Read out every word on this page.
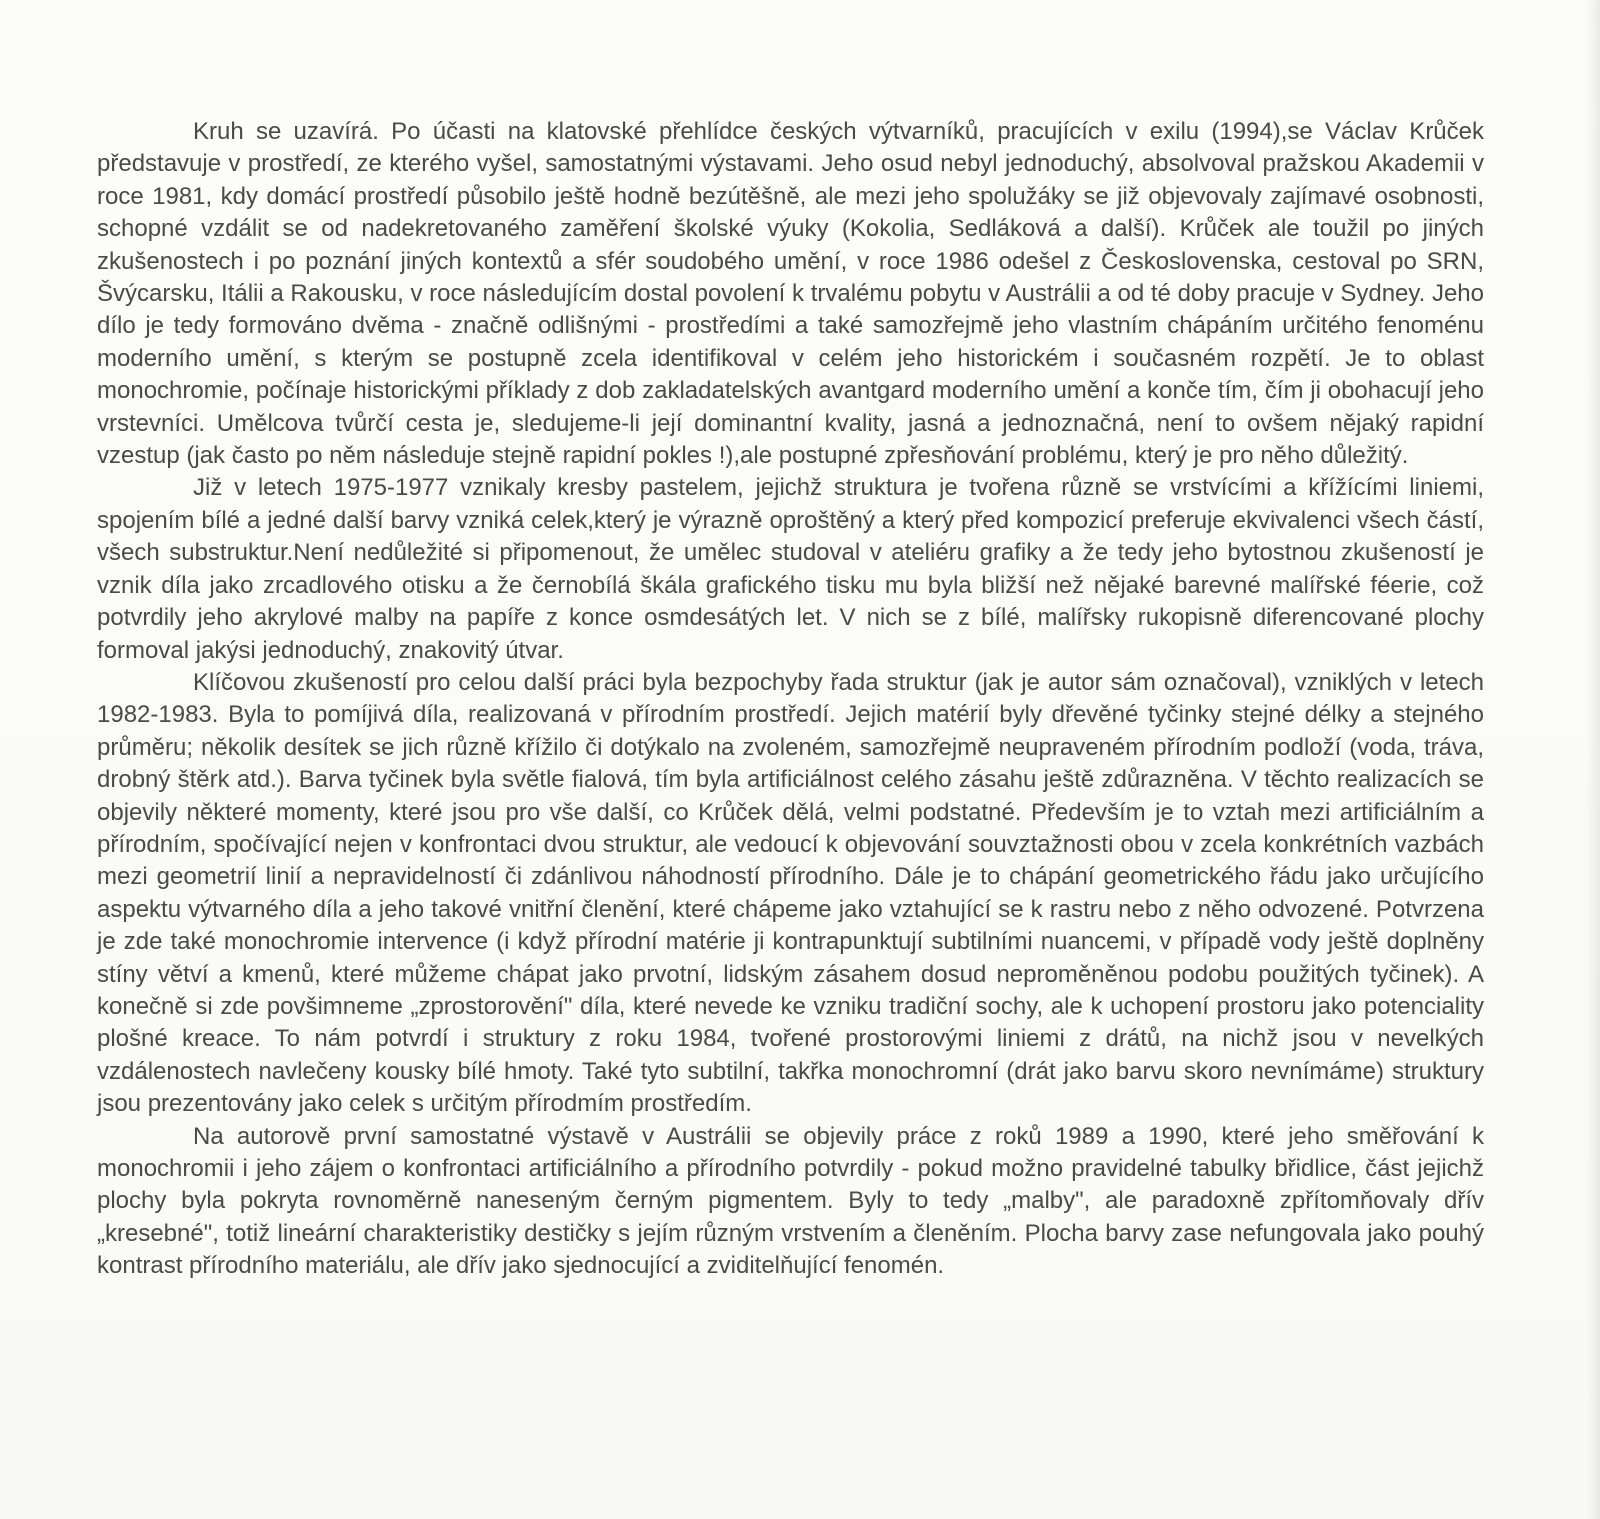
Kruh se uzavírá. Po účasti na klatovské přehlídce českých výtvarníků, pracujících v exilu (1994),se Václav Krůček představuje v prostředí, ze kterého vyšel, samostatnými výstavami. Jeho osud nebyl jednoduchý, absolvoval pražskou Akademii v roce 1981, kdy domácí prostředí působilo ještě hodně bezútěšně, ale mezi jeho spolužáky se již objevovaly zajímavé osobnosti, schopné vzdálit se od nadekretovaného zaměření školské výuky (Kokolia, Sedláková a další). Krůček ale toužil po jiných zkušenostech i po poznání jiných kontextů a sfér soudobého umění, v roce 1986 odešel z Československa, cestoval po SRN, Švýcarsku, Itálii a Rakousku, v roce následujícím dostal povolení k trvalému pobytu v Austrálii a od té doby pracuje v Sydney. Jeho dílo je tedy formováno dvěma - značně odlišnými - prostředími a také samozřejmě jeho vlastním chápáním určitého fenoménu moderního umění, s kterým se postupně zcela identifikoval v celém jeho historickém i současném rozpětí. Je to oblast monochromie, počínaje historickými příklady z dob zakladatelských avantgard moderního umění a konče tím, čím ji obohacují jeho vrstevníci. Umělcova tvůrčí cesta je, sledujeme-li její dominantní kvality, jasná a jednoznačná, není to ovšem nějaký rapidní vzestup (jak často po něm následuje stejně rapidní pokles !),ale postupné zpřesňování problému, který je pro něho důležitý.

Již v letech 1975-1977 vznikaly kresby pastelem, jejichž struktura je tvořena různě se vrstvícími a křížícími liniemi, spojením bílé a jedné další barvy vzniká celek,který je výrazně oproštěný a který před kompozicí preferuje ekvivalenci všech částí, všech substruktur.Není nedůležité si připomenout, že umělec studoval v ateliéru grafiky a že tedy jeho bytostnou zkušeností je vznik díla jako zrcadlového otisku a že černobílá škála grafického tisku mu byla bližší než nějaké barevné malířské féerie, což potvrdily jeho akrylové malby na papíře z konce osmdesátých let. V nich se z bílé, malířsky rukopisně diferencované plochy formoval jakýsi jednoduchý, znakovitý útvar.

Klíčovou zkušeností pro celou další práci byla bezpochyby řada struktur (jak je autor sám označoval), vzniklých v letech 1982-1983. Byla to pomíjivá díla, realizovaná v přírodním prostředí. Jejich matérií byly dřevěné tyčinky stejné délky a stejného průměru; několik desítek se jich různě křížilo či dotýkalo na zvoleném, samozřejmě neupraveném přírodním podloží (voda, tráva, drobný štěrk atd.). Barva tyčinek byla světle fialová, tím byla artificiálnost celého zásahu ještě zdůrazněna. V těchto realizacích se objevily některé momenty, které jsou pro vše další, co Krůček dělá, velmi podstatné. Především je to vztah mezi artificiálním a přírodním, spočívající nejen v konfrontaci dvou struktur, ale vedoucí k objevování souvztažnosti obou v zcela konkrétních vazbách mezi geometrií linií a nepravidelností či zdánlivou náhodností přírodního. Dále je to chápání geometrického řádu jako určujícího aspektu výtvarného díla a jeho takové vnitřní členění, které chápeme jako vztahující se k rastru nebo z něho odvozené. Potvrzena je zde také monochromie intervence (i když přírodní matérie ji kontrapunktují subtilními nuancemi, v případě vody ještě doplněny stíny větví a kmenů, které můžeme chápat jako prvotní, lidským zásahem dosud neproměněnou podobu použitých tyčinek). A konečně si zde povšimneme „zprostorovění" díla, které nevede ke vzniku tradiční sochy, ale k uchopení prostoru jako potenciality plošné kreace. To nám potvrdí i struktury z roku 1984, tvořené prostorovými liniemi z drátů, na nichž jsou v nevelkých vzdálenostech navlečeny kousky bílé hmoty. Také tyto subtilní, takřka monochromní (drát jako barvu skoro nevnímáme) struktury jsou prezentovány jako celek s určitým přírodmím prostředím.

Na autorově první samostatné výstavě v Austrálii se objevily práce z roků 1989 a 1990, které jeho směřování k monochromii i jeho zájem o konfrontaci artificiálního a přírodního potvrdily - pokud možno pravidelné tabulky břidlice, část jejichž plochy byla pokryta rovnoměrně naneseným černým pigmentem. Byly to tedy „malby", ale paradoxně zpřítomňovaly dřív „kresebné", totiž lineární charakteristiky destičky s jejím různým vrstvením a členěním. Plocha barvy zase nefungovala jako pouhý kontrast přírodního materiálu, ale dřív jako sjednocující a zviditelňující fenomén.
